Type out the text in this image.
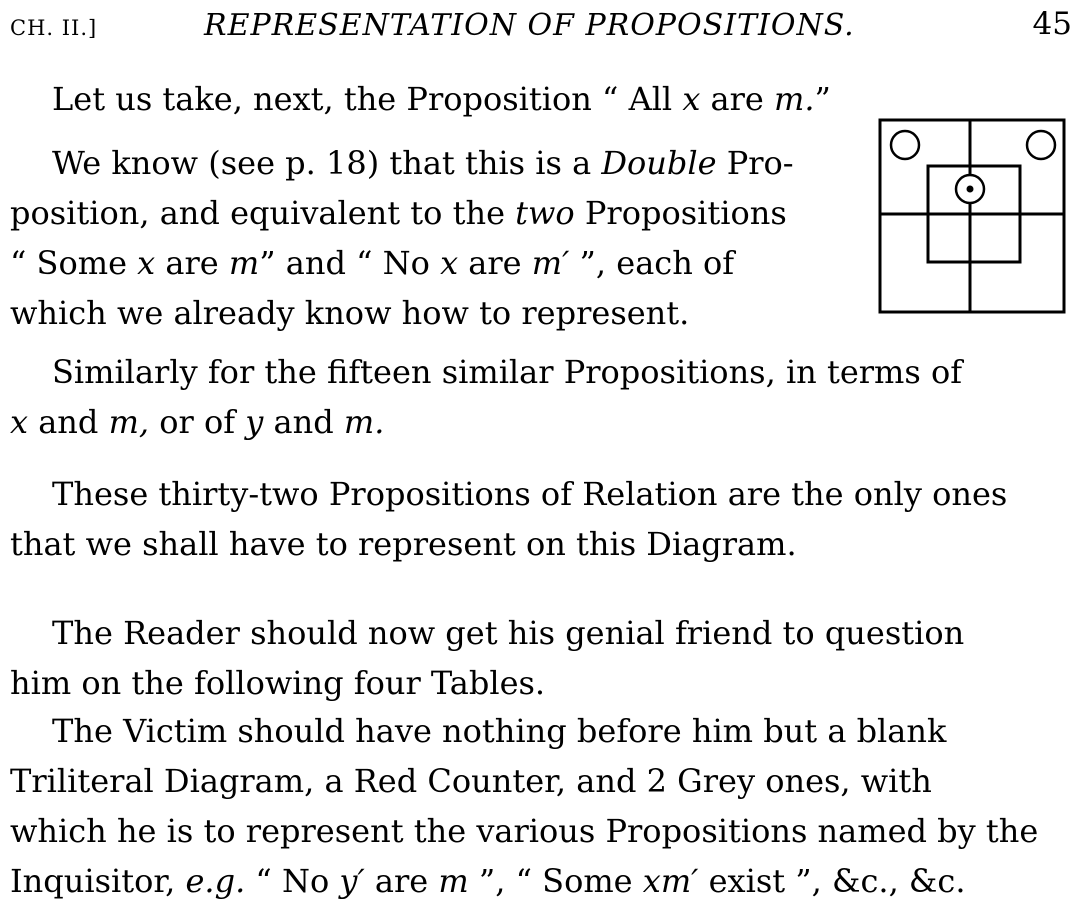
CH. II.]	REPRESENTATION OF PROPOSITIONS.	45
Let us take, next, the Proposition “ All x are m.”
We know (see p. 18) that this is a Double Pro-
position, and equivalent to the two Propositions
“ Some x are m” and “ No x are m′ ”, each of
which we already know how to represent.
Similarly for the fifteen similar Propositions, in terms of
x and m, or of y and m.
These thirty-two Propositions of Relation are the only ones
that we shall have to represent on this Diagram.
The Reader should now get his genial friend to question
him on the following four Tables.
The Victim should have nothing before him but a blank
Triliteral Diagram, a Red Counter, and 2 Grey ones, with
which he is to represent the various Propositions named by the
Inquisitor, e.g. “ No y′ are m ”, “ Some xm′ exist ”, &c., &c.
